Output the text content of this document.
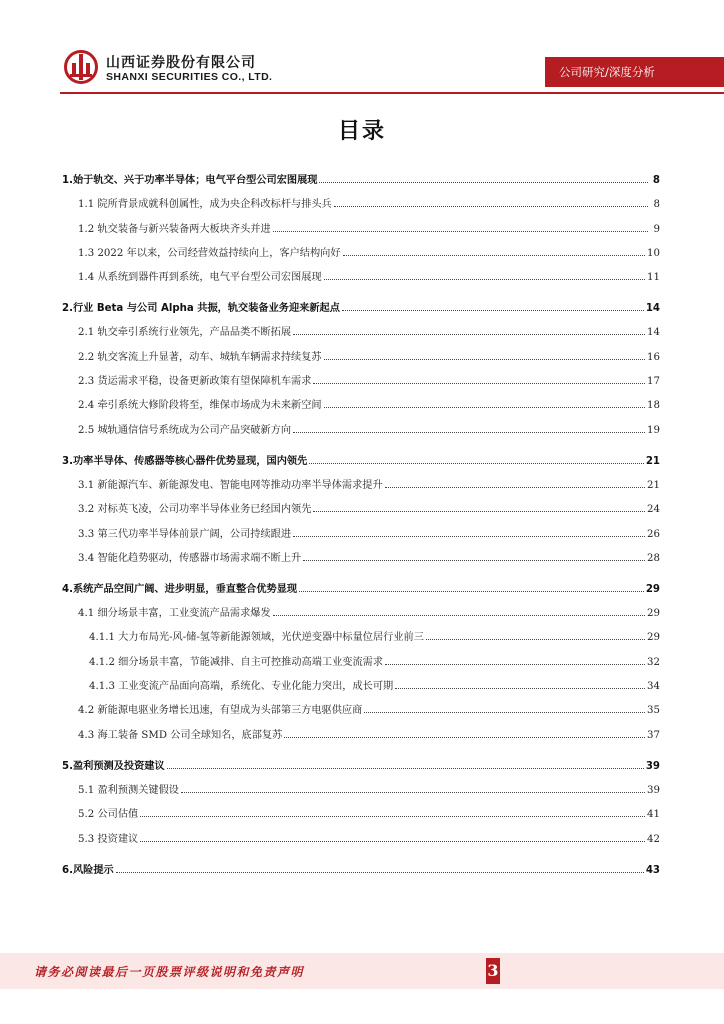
山西证券股份有限公司
SHANXI SECURITIES CO., LTD.	公司研究/深度分析
目录
1.始于轨交、兴于功率半导体；电气平台型公司宏图展现	8
1.1 院所背景成就科创属性，成为央企科改标杆与排头兵	8
1.2 轨交装备与新兴装备两大板块齐头并进	9
1.3 2022 年以来，公司经营效益持续向上，客户结构向好	10
1.4 从系统到器件再到系统，电气平台型公司宏图展现	11
2.行业 Beta 与公司 Alpha 共振，轨交装备业务迎来新起点	14
2.1 轨交牵引系统行业领先，产品品类不断拓展	14
2.2 轨交客流上升显著，动车、城轨车辆需求持续复苏	16
2.3 货运需求平稳，设备更新政策有望保障机车需求	17
2.4 牵引系统大修阶段将至，维保市场成为未来新空间	18
2.5 城轨通信信号系统成为公司产品突破新方向	19
3.功率半导体、传感器等核心器件优势显现，国内领先	21
3.1 新能源汽车、新能源发电、智能电网等推动功率半导体需求提升	21
3.2 对标英飞凌，公司功率半导体业务已经国内领先	24
3.3 第三代功率半导体前景广阔，公司持续跟进	26
3.4 智能化趋势驱动，传感器市场需求端不断上升	28
4.系统产品空间广阔、进步明显，垂直整合优势显现	29
4.1 细分场景丰富，工业变流产品需求爆发	29
4.1.1 大力布局光-风-储-氢等新能源领域，光伏逆变器中标量位居行业前三	29
4.1.2 细分场景丰富，节能减排、自主可控推动高端工业变流需求	32
4.1.3 工业变流产品面向高端，系统化、专业化能力突出，成长可期	34
4.2 新能源电驱业务增长迅速，有望成为头部第三方电驱供应商	35
4.3 海工装备 SMD 公司全球知名，底部复苏	37
5.盈利预测及投资建议	39
5.1 盈利预测关键假设	39
5.2 公司估值	41
5.3 投资建议	42
6.风险提示	43
请务必阅读最后一页股票评级说明和免责声明	3
